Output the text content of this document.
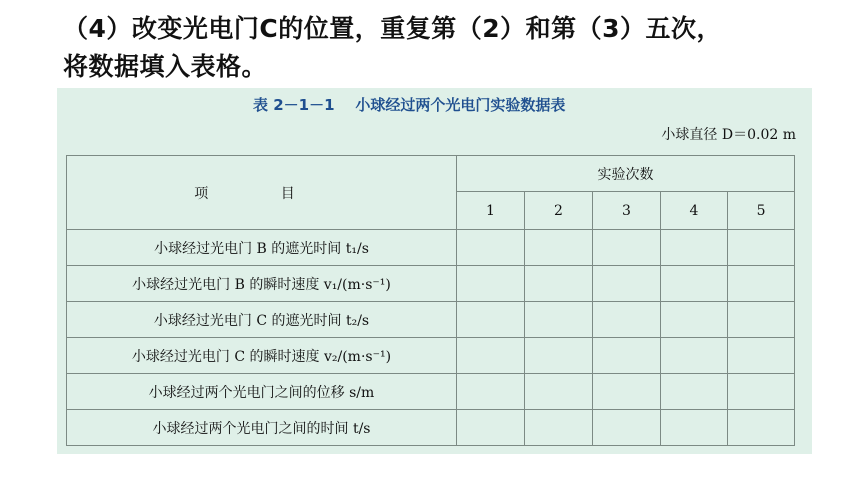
（4）改变光电门C的位置，重复第（2）和第（3）五次，
将数据填入表格。
表 2－1－1    小球经过两个光电门实验数据表
小球直径 D＝0.02 m
项 目	实验次数				
	1	2	3	4	5
小球经过光电门 B 的遮光时间 t₁/s					
小球经过光电门 B 的瞬时速度 v₁/(m·s⁻¹)					
小球经过光电门 C 的遮光时间 t₂/s					
小球经过光电门 C 的瞬时速度 v₂/(m·s⁻¹)					
小球经过两个光电门之间的位移 s/m					
小球经过两个光电门之间的时间 t/s					
